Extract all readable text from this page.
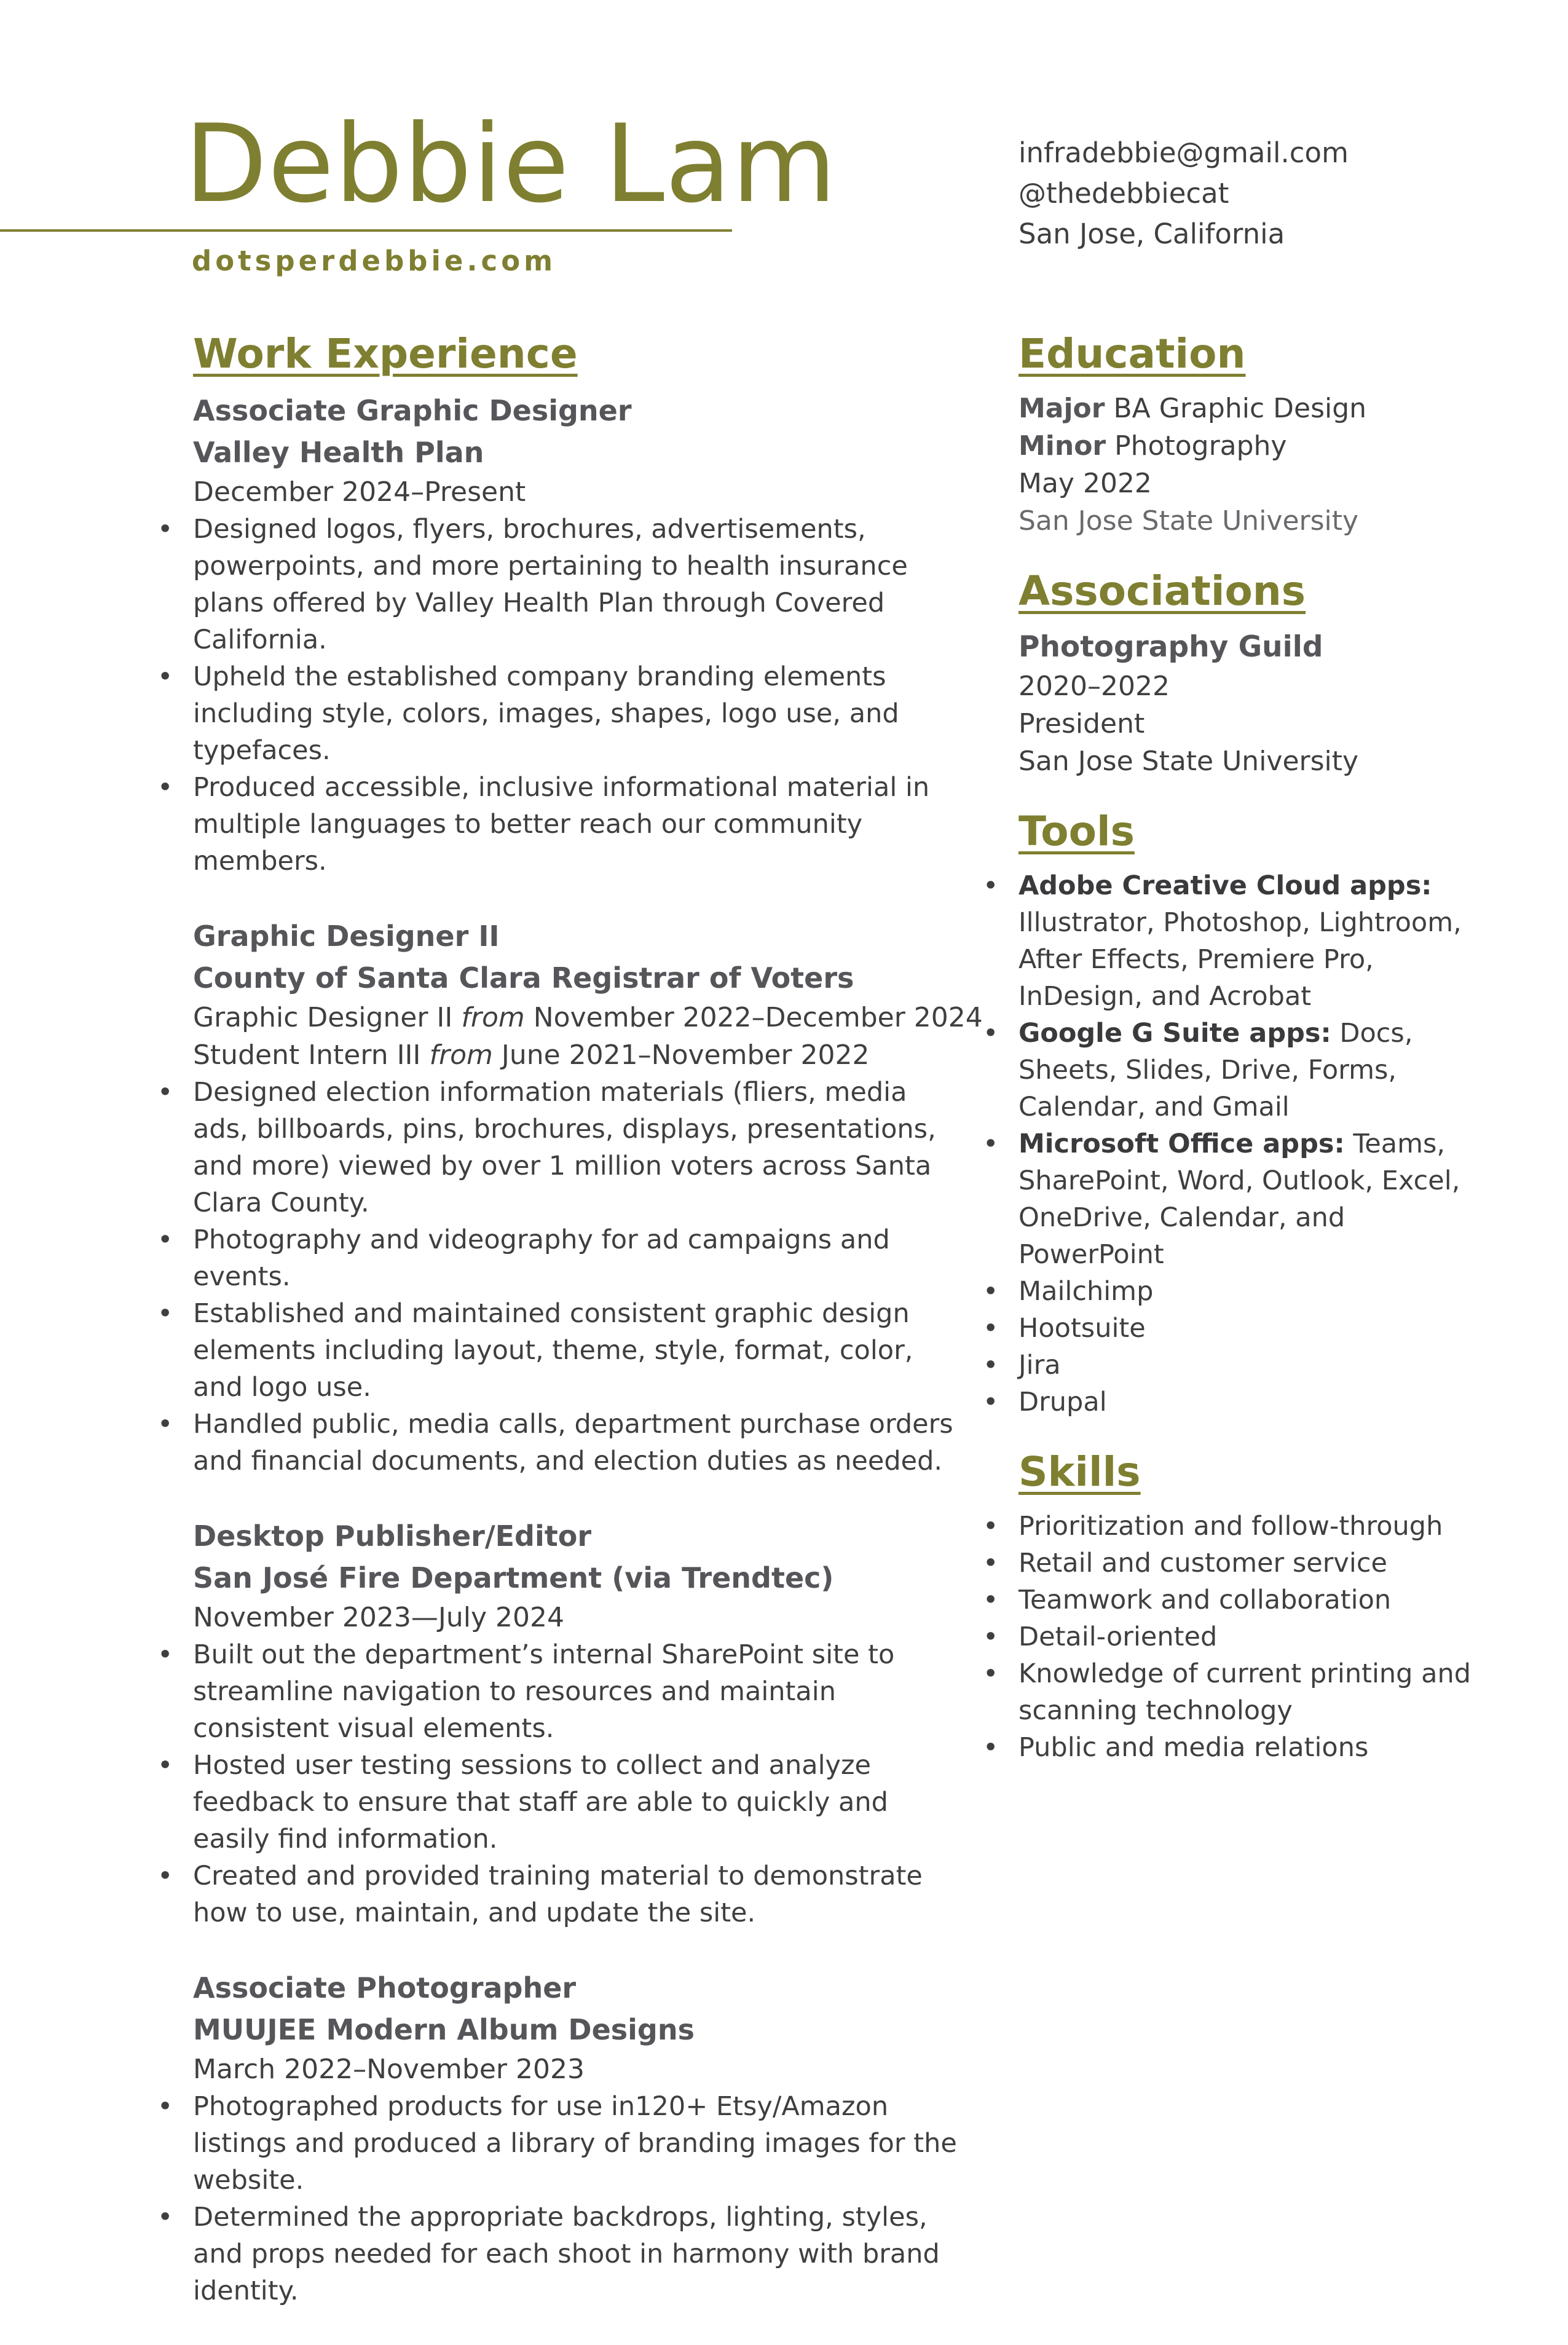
Debbie Lam
dotsperdebbie.com
infradebbie@gmail.com
@thedebbiecat
San Jose, California
Work Experience
Associate Graphic Designer
Valley Health Plan
December 2024–Present
• Designed logos, flyers, brochures, advertisements, powerpoints, and more pertaining to health insurance plans offered by Valley Health Plan through Covered California.
• Upheld the established company branding elements including style, colors, images, shapes, logo use, and typefaces.
• Produced accessible, inclusive informational material in multiple languages to better reach our community members.
Graphic Designer II
County of Santa Clara Registrar of Voters
Graphic Designer II from November 2022–December 2024
Student Intern III from June 2021–November 2022
• Designed election information materials (fliers, media ads, billboards, pins, brochures, displays, presentations, and more) viewed by over 1 million voters across Santa Clara County.
• Photography and videography for ad campaigns and events.
• Established and maintained consistent graphic design elements including layout, theme, style, format, color, and logo use.
• Handled public, media calls, department purchase orders and financial documents, and election duties as needed.
Desktop Publisher/Editor
San José Fire Department (via Trendtec)
November 2023—July 2024
• Built out the department’s internal SharePoint site to streamline navigation to resources and maintain consistent visual elements.
• Hosted user testing sessions to collect and analyze feedback to ensure that staff are able to quickly and easily find information.
• Created and provided training material to demonstrate how to use, maintain, and update the site.
Associate Photographer
MUUJEE Modern Album Designs
March 2022–November 2023
• Photographed products for use in120+ Etsy/Amazon listings and produced a library of branding images for the website.
• Determined the appropriate backdrops, lighting, styles, and props needed for each shoot in harmony with brand identity.
Education
Major BA Graphic Design
Minor Photography
May 2022
San Jose State University
Associations
Photography Guild
2020–2022
President
San Jose State University
Tools
• Adobe Creative Cloud apps: Illustrator, Photoshop, Lightroom, After Effects, Premiere Pro, InDesign, and Acrobat
• Google G Suite apps: Docs, Sheets, Slides, Drive, Forms, Calendar, and Gmail
• Microsoft Office apps: Teams, SharePoint, Word, Outlook, Excel, OneDrive, Calendar, and PowerPoint
• Mailchimp
• Hootsuite
• Jira
• Drupal
Skills
• Prioritization and follow-through
• Retail and customer service
• Teamwork and collaboration
• Detail-oriented
• Knowledge of current printing and scanning technology
• Public and media relations
